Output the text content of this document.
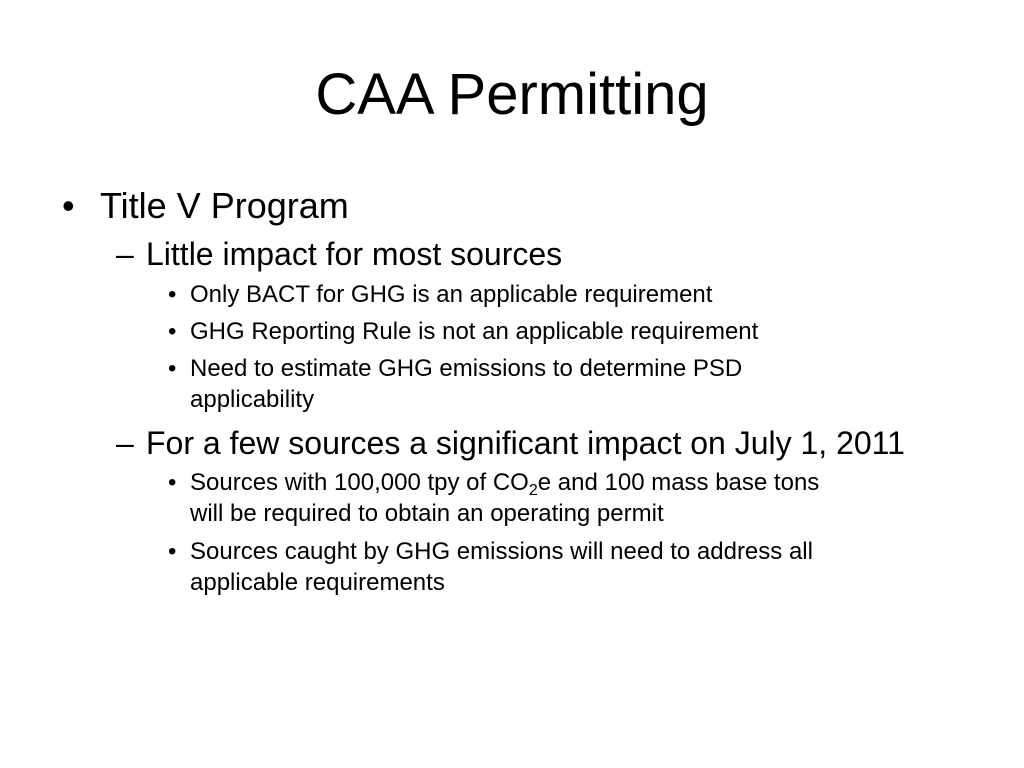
CAA Permitting
• Title V Program
– Little impact for most sources
• Only BACT for GHG is an applicable requirement
• GHG Reporting Rule is not an applicable requirement
• Need to estimate GHG emissions to determine PSD
applicability
– For a few sources a significant impact on July 1, 2011
• Sources with 100,000 tpy of $CO_2e$ and 100 mass base tons
will be required to obtain an operating permit
• Sources caught by GHG emissions will need to address all
applicable requirements
